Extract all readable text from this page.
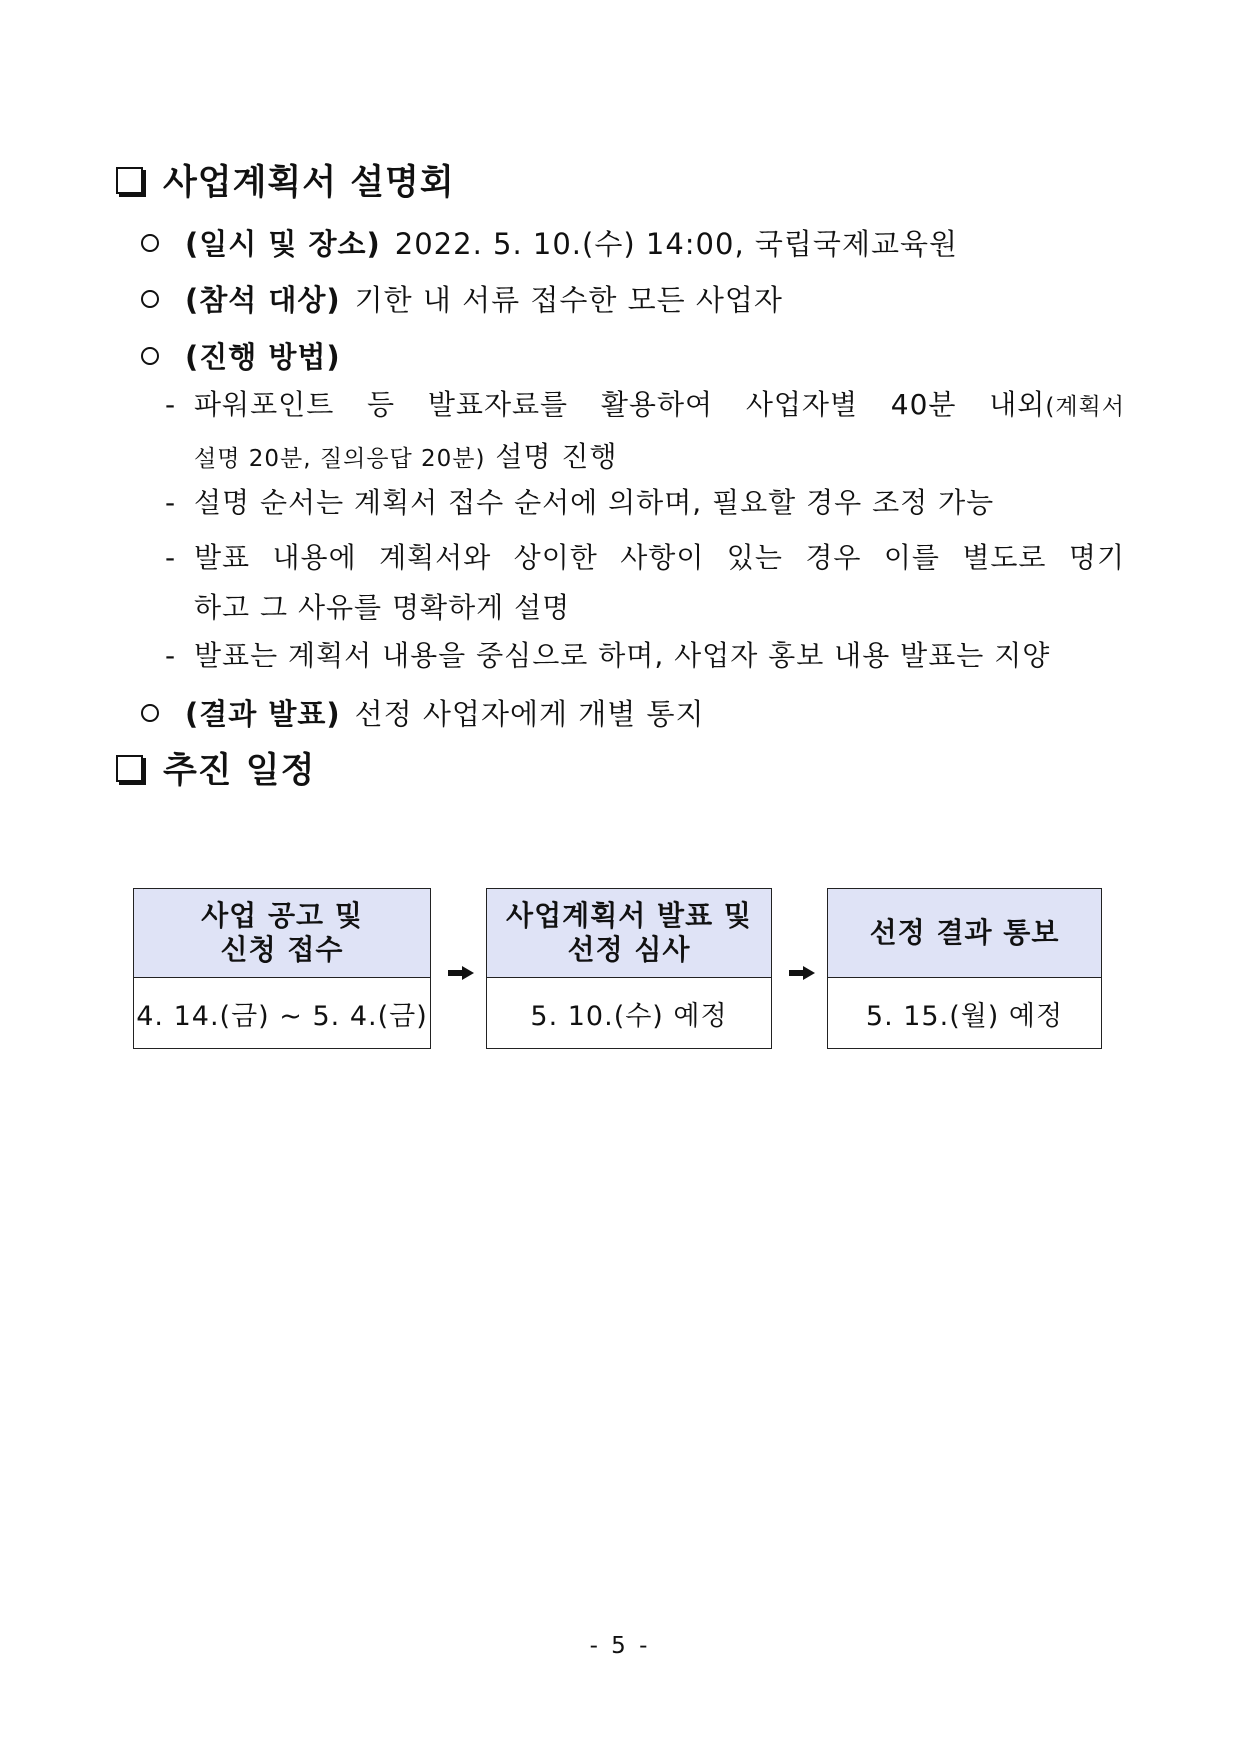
사업계획서 설명회
(일시 및 장소) 2022. 5. 10.(수) 14:00, 국립국제교육원
(참석 대상) 기한 내 서류 접수한 모든 사업자
(진행 방법)
- 파워포인트 등 발표자료를 활용하여 사업자별 40분 내외(계획서
설명 20분, 질의응답 20분) 설명 진행
- 설명 순서는 계획서 접수 순서에 의하며, 필요할 경우 조정 가능
- 발표 내용에 계획서와 상이한 사항이 있는 경우 이를 별도로 명기
하고 그 사유를 명확하게 설명
- 발표는 계획서 내용을 중심으로 하며, 사업자 홍보 내용 발표는 지양
(결과 발표) 선정 사업자에게 개별 통지
추진 일정
사업 공고 및
신청 접수
4. 14.(금) ~ 5. 4.(금)
사업계획서 발표 및
선정 심사
5. 10.(수) 예정
선정 결과 통보
5. 15.(월) 예정
- 5 -
